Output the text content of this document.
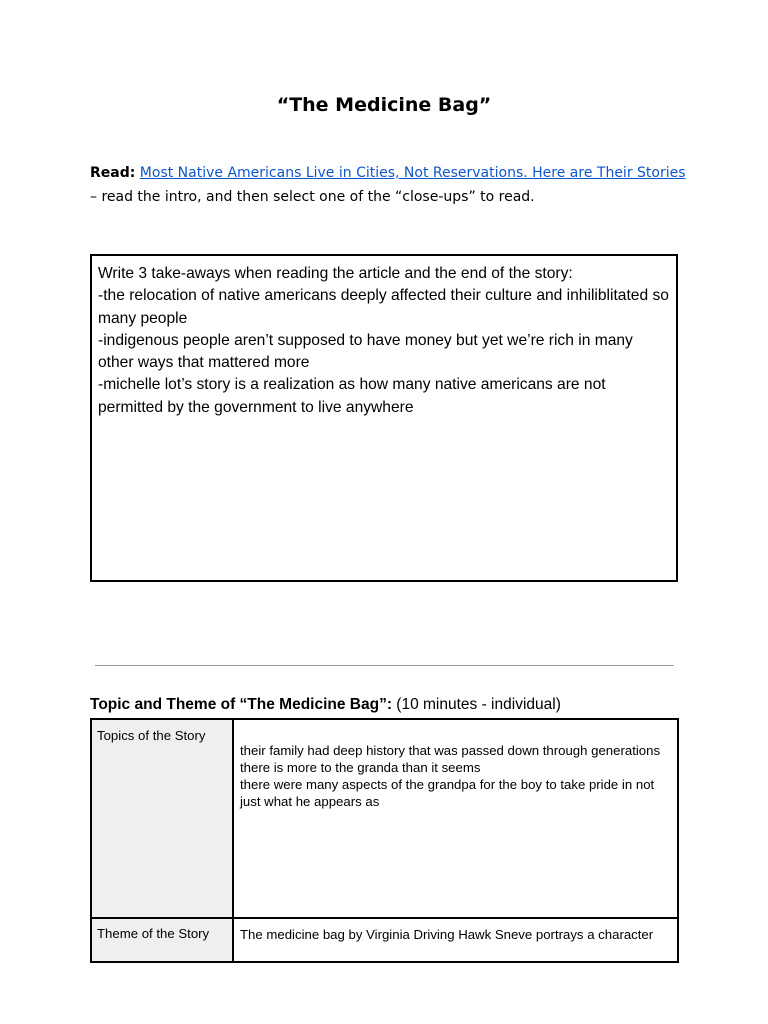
“The Medicine Bag”
Read: Most Native Americans Live in Cities, Not Reservations. Here are Their Stories – read the intro, and then select one of the “close-ups” to read.
Write 3 take-aways when reading the article and the end of the story:
-the relocation of native americans deeply affected their culture and inhiliblitated so many people
-indigenous people aren’t supposed to have money but yet we’re rich in many other ways that mattered more
-michelle lot’s story is a realization as how many native americans are not permitted by the government to live anywhere
Topic and Theme of “The Medicine Bag”: (10 minutes - individual)
Topics of the Story	their family had deep history that was passed down through generations
there is more to the granda than it seems
there were many aspects of the grandpa for the boy to take pride in not just what he appears as

Theme of the Story	The medicine bag by Virginia Driving Hawk Sneve portrays a character
